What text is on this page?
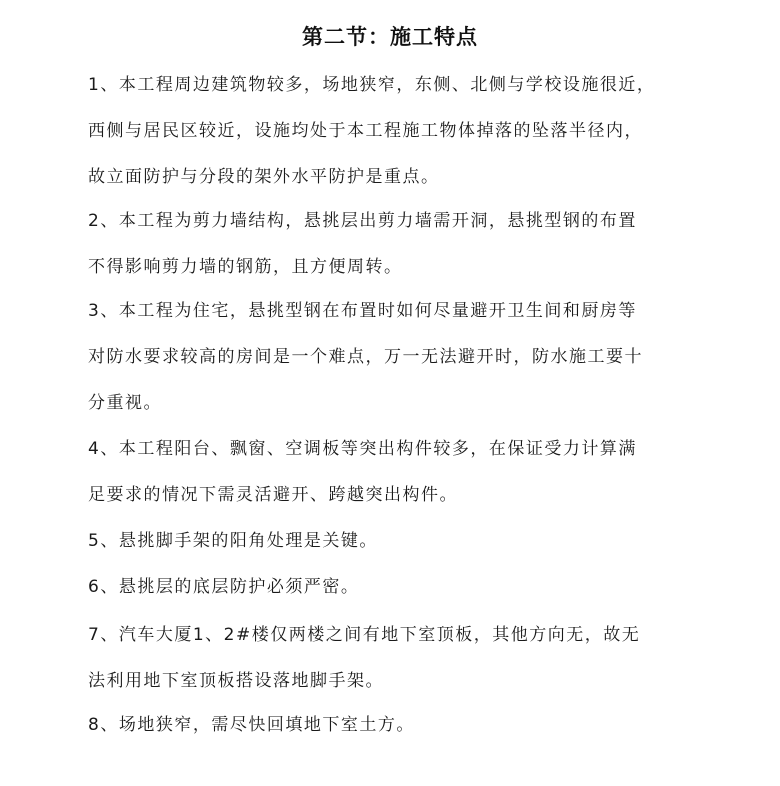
第二节：施工特点
1、本工程周边建筑物较多，场地狭窄，东侧、北侧与学校设施很近，
西侧与居民区较近，设施均处于本工程施工物体掉落的坠落半径内，
故立面防护与分段的架外水平防护是重点。
2、本工程为剪力墙结构，悬挑层出剪力墙需开洞，悬挑型钢的布置
不得影响剪力墙的钢筋，且方便周转。
3、本工程为住宅，悬挑型钢在布置时如何尽量避开卫生间和厨房等
对防水要求较高的房间是一个难点，万一无法避开时，防水施工要十
分重视。
4、本工程阳台、飘窗、空调板等突出构件较多，在保证受力计算满
足要求的情况下需灵活避开、跨越突出构件。
5、悬挑脚手架的阳角处理是关键。
6、悬挑层的底层防护必须严密。
7、汽车大厦1、2#楼仅两楼之间有地下室顶板，其他方向无，故无
法利用地下室顶板搭设落地脚手架。
8、场地狭窄，需尽快回填地下室土方。
